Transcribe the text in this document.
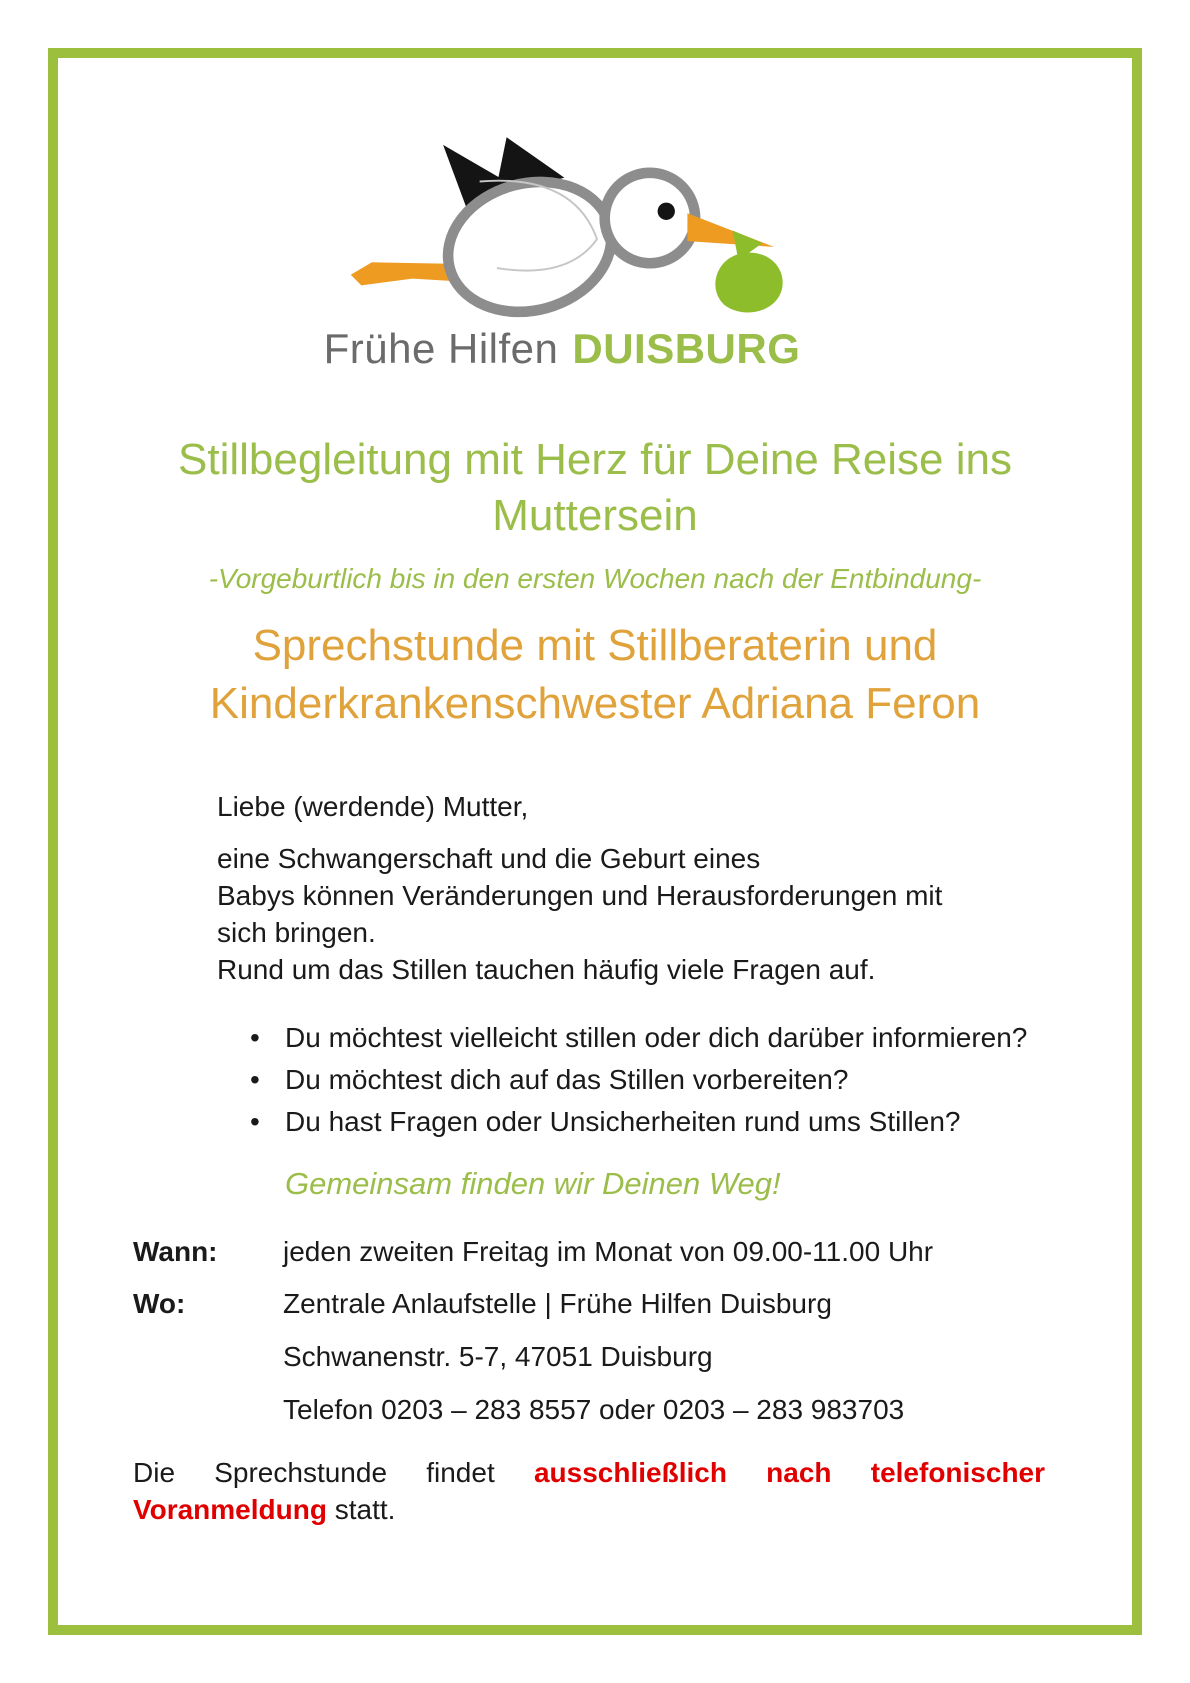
Frühe Hilfen DUISBURG
Stillbegleitung mit Herz für Deine Reise ins
Muttersein
-Vorgeburtlich bis in den ersten Wochen nach der Entbindung-
Sprechstunde mit Stillberaterin und
Kinderkrankenschwester Adriana Feron
Liebe (werdende) Mutter,
eine Schwangerschaft und die Geburt eines
Babys können Veränderungen und Herausforderungen mit
sich bringen.
Rund um das Stillen tauchen häufig viele Fragen auf.
• Du möchtest vielleicht stillen oder dich darüber informieren?
• Du möchtest dich auf das Stillen vorbereiten?
• Du hast Fragen oder Unsicherheiten rund ums Stillen?
Gemeinsam finden wir Deinen Weg!
Wann:	jeden zweiten Freitag im Monat von 09.00-11.00 Uhr
Wo:	Zentrale Anlaufstelle | Frühe Hilfen Duisburg
Schwanenstr. 5-7, 47051 Duisburg
Telefon 0203 – 283 8557 oder 0203 – 283 983703
Die Sprechstunde findet ausschließlich nach telefonischer Voranmeldung statt.
